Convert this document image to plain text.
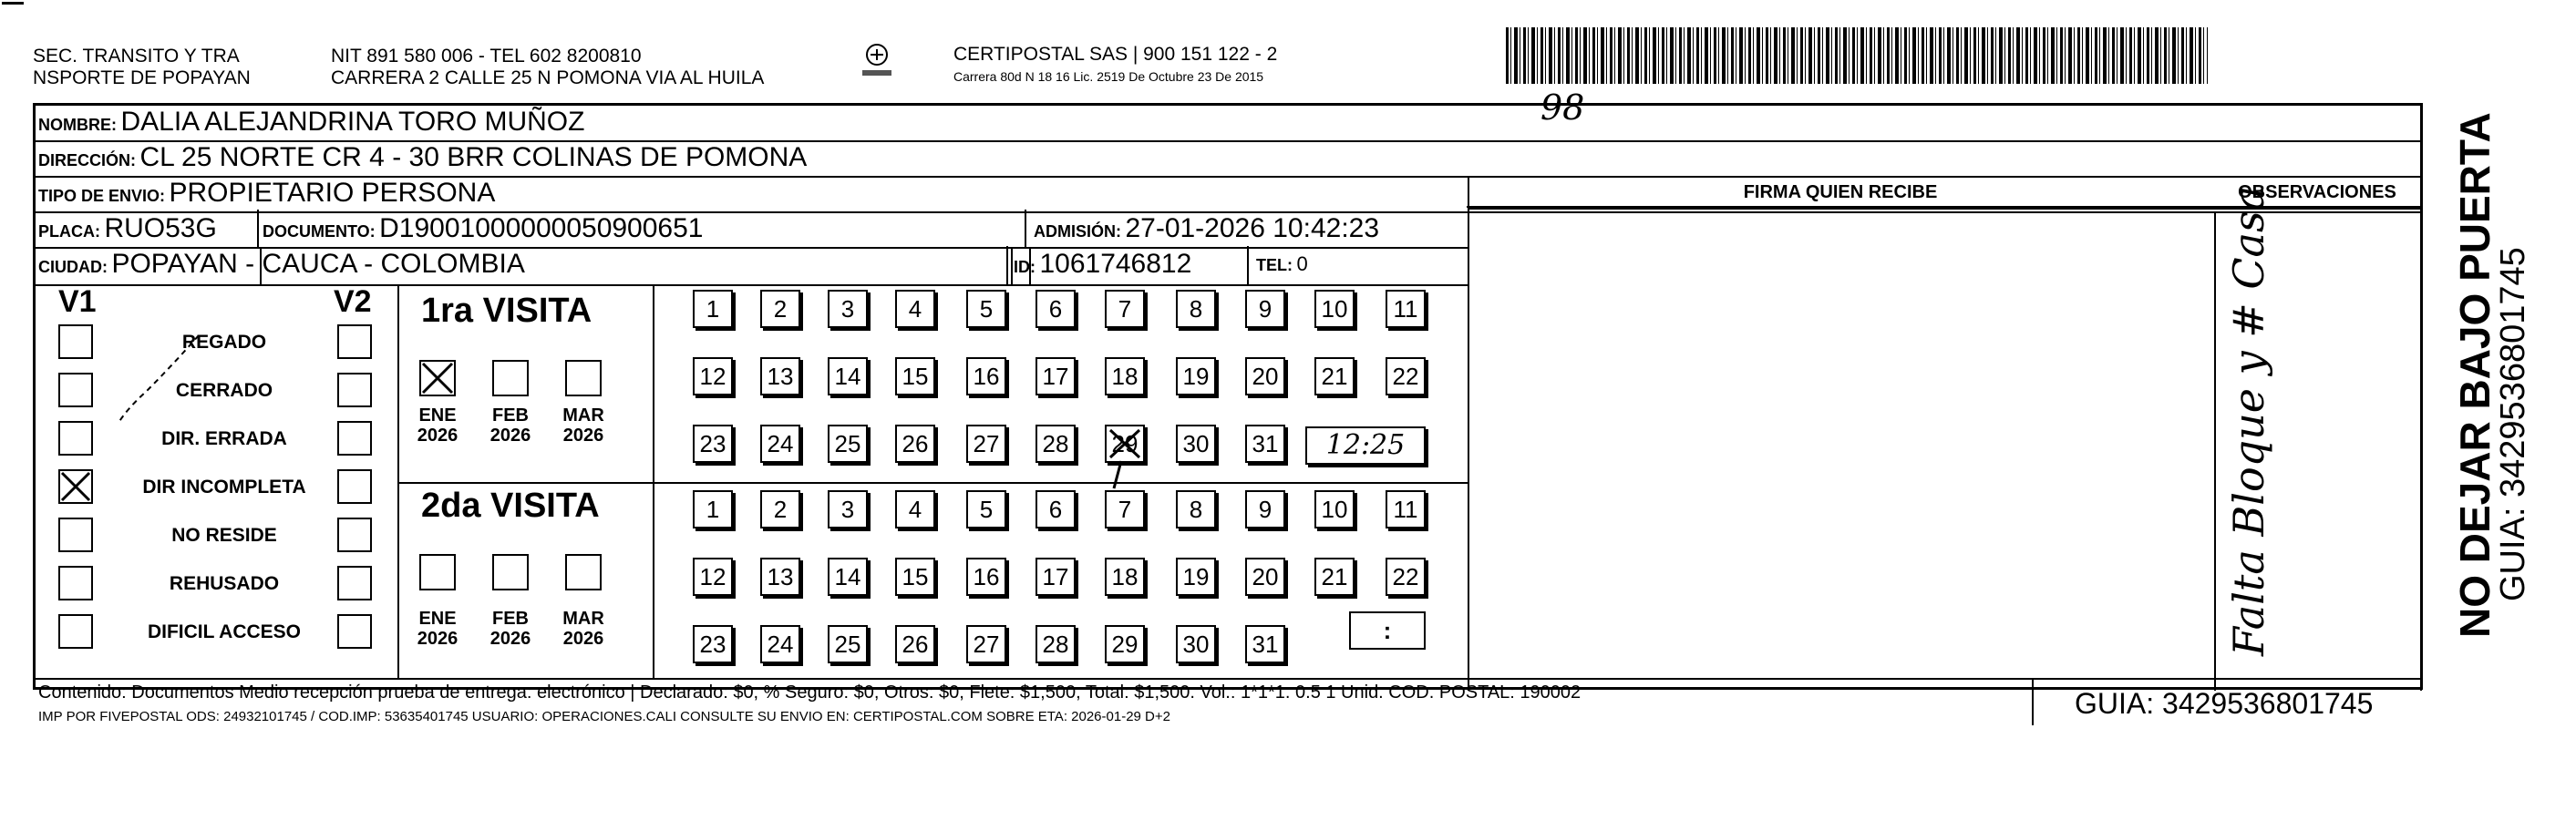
SEC. TRANSITO Y TRA
NSPORTE DE POPAYAN
NIT 891 580 006 - TEL 602 8200810
CARRERA 2 CALLE 25 N POMONA VIA AL HUILA
CERTIPOSTAL SAS | 900 151 122 - 2
Carrera 80d N 18 16 Lic. 2519 De Octubre 23 De 2015
NOMBRE: DALIA ALEJANDRINA TORO MUÑOZ
DIRECCIÓN: CL 25 NORTE CR 4 - 30 BRR COLINAS DE POMONA
TIPO DE ENVIO: PROPIETARIO PERSONA
PLACA: RUO53G	DOCUMENTO: D19001000000050900651	ADMISIÓN: 27-01-2026 10:42:23
CIUDAD: POPAYAN - CAUCA - COLOMBIA	ID: 1061746812	TEL: 0
FIRMA QUIEN RECIBE	OBSERVACIONES
V1	V2
REGADO
CERRADO
DIR. ERRADA
DIR INCOMPLETA
NO RESIDE
REHUSADO
DIFICIL ACCESO
1ra VISITA
ENE
2026
FEB
2026
MAR
2026
2da VISITA
ENE
2026
FEB
2026
MAR
2026
1	2	3	4	5	6	7	8	9	10	11
12 13 14 15 16 17 18 19 20 21 22
23 24 25 26 27 28 29 30 31
1	2	3	4	5	6	7	8	9	10	11
12 13 14 15 16 17 18 19 20 21 22
23 24 25 26 27 28 29 30 31
12:25
:
98
Falta Bloque y # Casa
Contenido: Documentos Medio recepción prueba de entrega: electrónico | Declarado: $0, % Seguro: $0, Otros: $0, Flete: $1,500, Total: $1,500. Vol.: 1*1*1. 0.5 1 Unid. COD. POSTAL: 190002
IMP POR FIVEPOSTAL ODS: 24932101745 / COD.IMP: 53635401745 USUARIO: OPERACIONES.CALI CONSULTE SU ENVIO EN: CERTIPOSTAL.COM SOBRE ETA: 2026-01-29 D+2	GUIA: 3429536801745
NO DEJAR BAJO PUERTA
GUIA: 3429536801745
